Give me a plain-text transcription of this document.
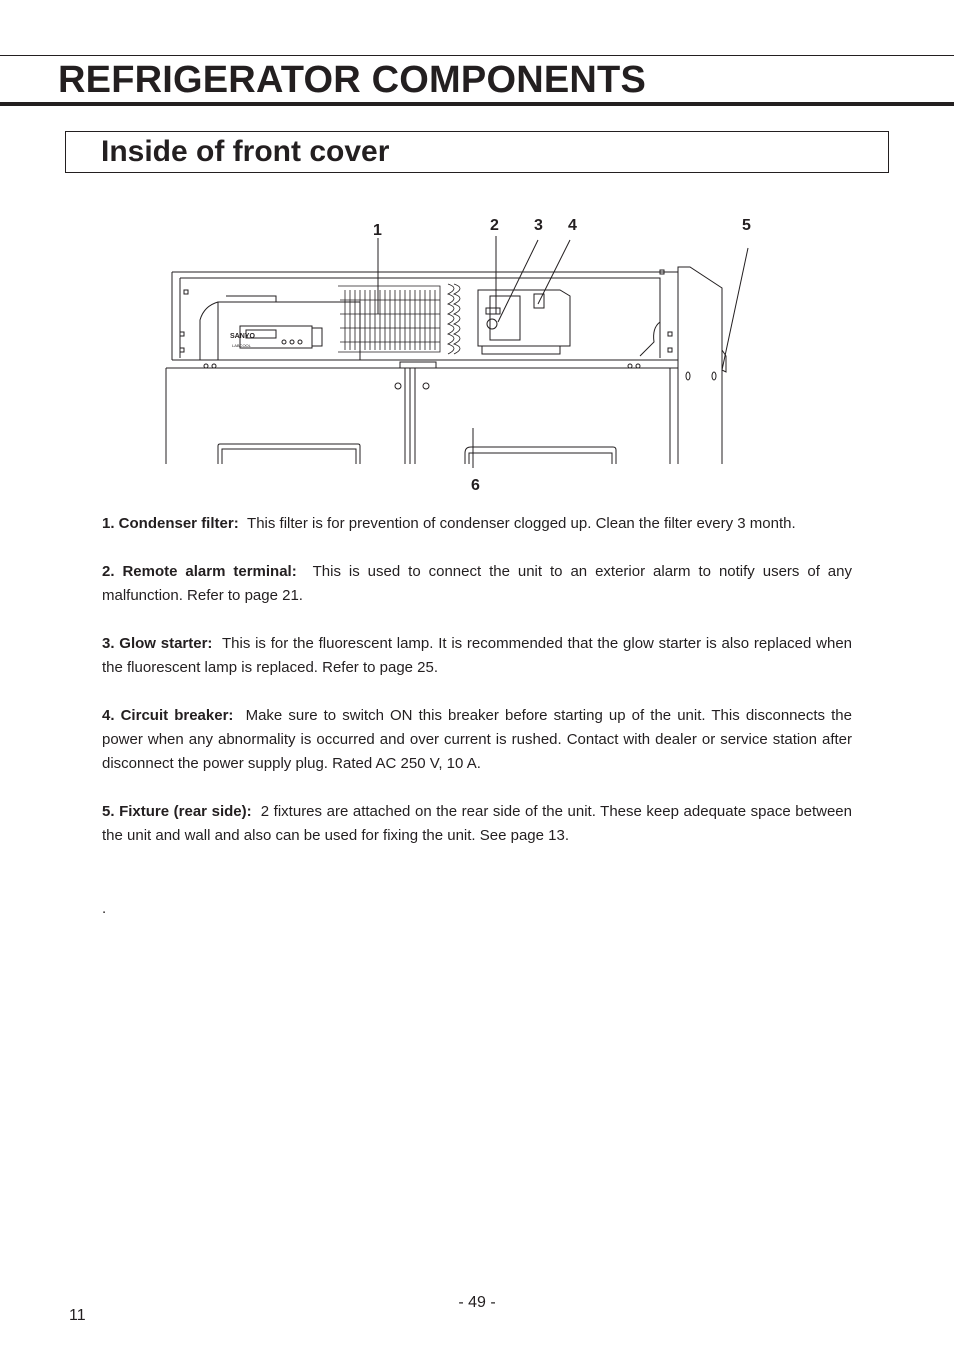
REFRIGERATOR COMPONENTS
Inside of front cover
SANYO
LABCOOL
1	2 3 4	5
6

1. Condenser filter: This filter is for prevention of condenser clogged up. Clean the filter every 3 month.

2. Remote alarm terminal: This is used to connect the unit to an exterior alarm to notify users of any malfunction. Refer to page 21.

3. Glow starter: This is for the fluorescent lamp. It is recommended that the glow starter is also replaced when the fluorescent lamp is replaced. Refer to page 25.

4. Circuit breaker: Make sure to switch ON this breaker before starting up of the unit. This disconnects the power when any abnormality is occurred and over current is rushed. Contact with dealer or service station after disconnect the power supply plug. Rated AC 250 V, 10 A.

5. Fixture (rear side): 2 fixtures are attached on the rear side of the unit. These keep adequate space between the unit and wall and also can be used for fixing the unit. See page 13.

.
- 49 -
11
